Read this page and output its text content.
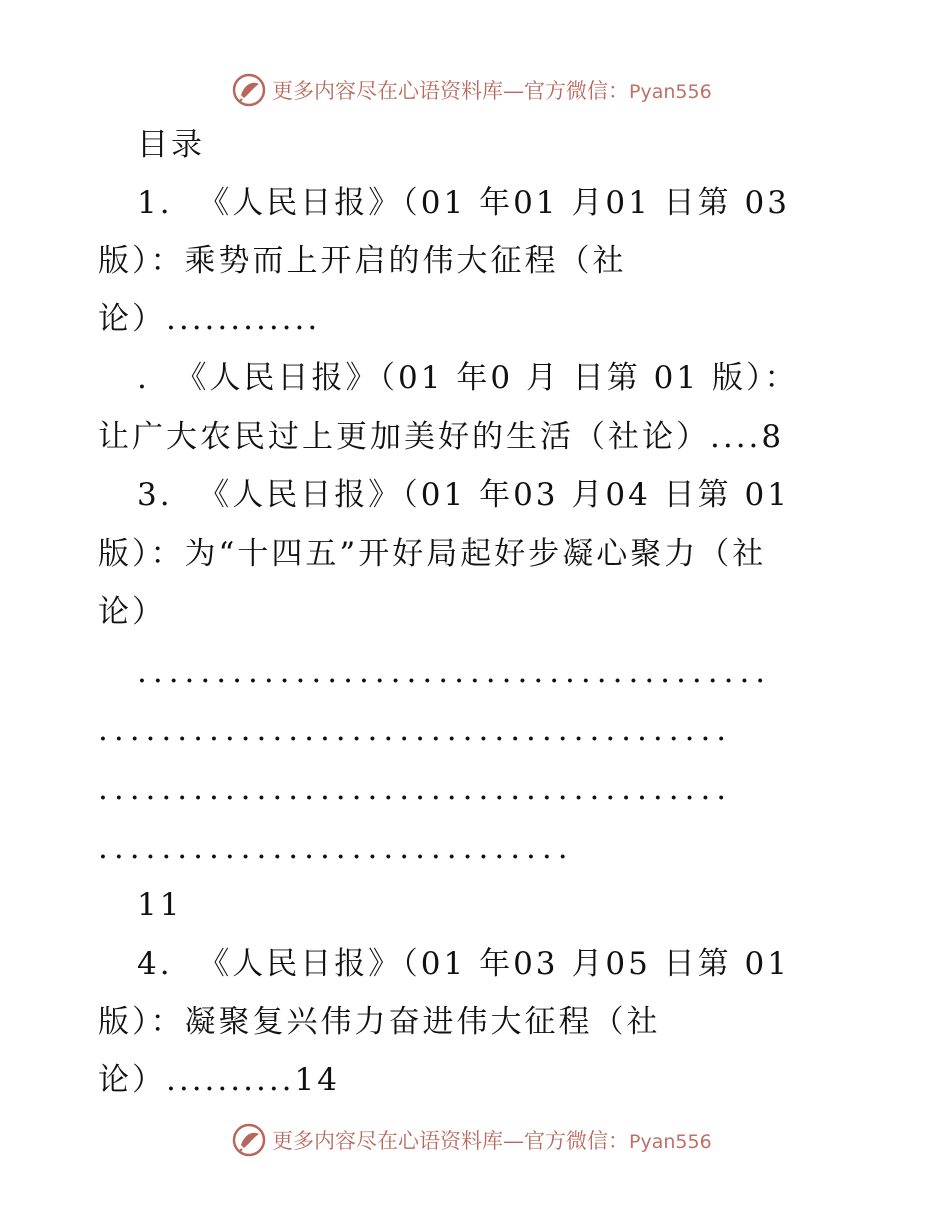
更多内容尽在心语资料库—官方微信：Pyan556
目录
1.  《人民日报》（01 年01 月01 日第 03
版）：乘势而上开启的伟大征程（社
论）............
.  《人民日报》（01 年0 月 日第 01 版）：
让广大农民过上更加美好的生活（社论）....8
3.  《人民日报》（01 年03 月04 日第 01
版）：为“十四五”开好局起好步凝心聚力（社
论）
........................................
........................................
........................................
..............................
11
4.  《人民日报》（01 年03 月05 日第 01
版）：凝聚复兴伟力奋进伟大征程（社
论）..........14
更多内容尽在心语资料库—官方微信：Pyan556
